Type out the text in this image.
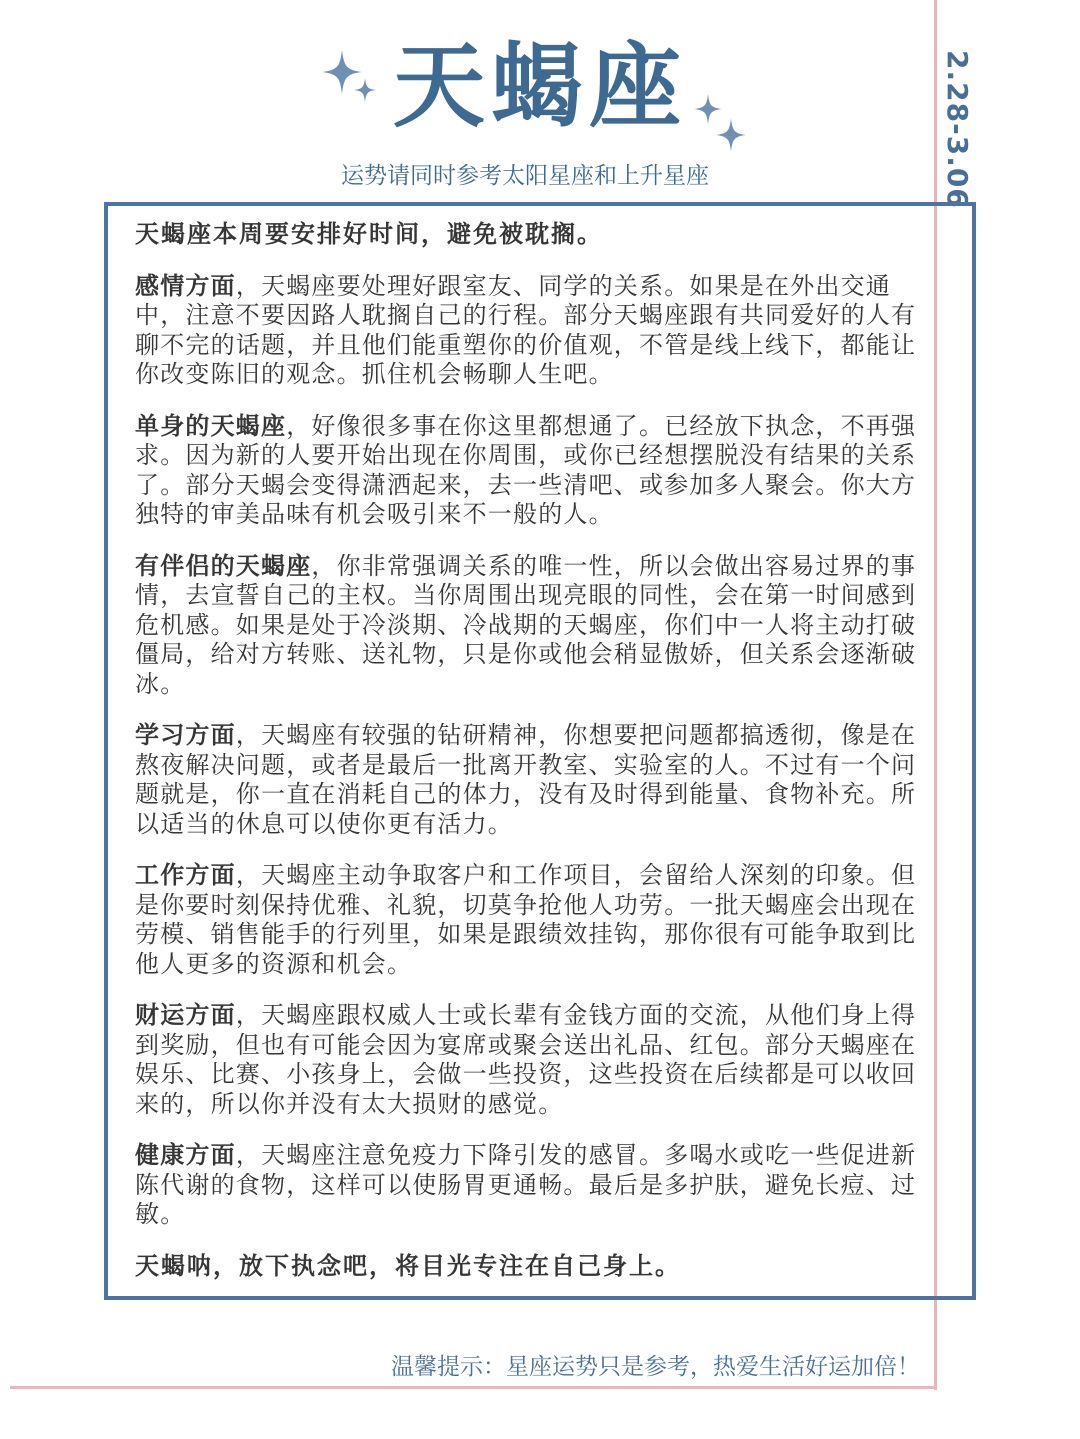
2.28-3.06
天蝎座
运势请同时参考太阳星座和上升星座

天蝎座本周要安排好时间，避免被耽搁。

感情方面，天蝎座要处理好跟室友、同学的关系。如果是在外出交通中，注意不要因路人耽搁自己的行程。部分天蝎座跟有共同爱好的人有聊不完的话题，并且他们能重塑你的价值观，不管是线上线下，都能让你改变陈旧的观念。抓住机会畅聊人生吧。

单身的天蝎座，好像很多事在你这里都想通了。已经放下执念，不再强求。因为新的人要开始出现在你周围，或你已经想摆脱没有结果的关系了。部分天蝎会变得潇洒起来，去一些清吧、或参加多人聚会。你大方独特的审美品味有机会吸引来不一般的人。

有伴侣的天蝎座，你非常强调关系的唯一性，所以会做出容易过界的事情，去宣誓自己的主权。当你周围出现亮眼的同性，会在第一时间感到危机感。如果是处于冷淡期、冷战期的天蝎座，你们中一人将主动打破僵局，给对方转账、送礼物，只是你或他会稍显傲娇，但关系会逐渐破冰。

学习方面，天蝎座有较强的钻研精神，你想要把问题都搞透彻，像是在熬夜解决问题，或者是最后一批离开教室、实验室的人。不过有一个问题就是，你一直在消耗自己的体力，没有及时得到能量、食物补充。所以适当的休息可以使你更有活力。

工作方面，天蝎座主动争取客户和工作项目，会留给人深刻的印象。但是你要时刻保持优雅、礼貌，切莫争抢他人功劳。一批天蝎座会出现在劳模、销售能手的行列里，如果是跟绩效挂钩，那你很有可能争取到比他人更多的资源和机会。

财运方面，天蝎座跟权威人士或长辈有金钱方面的交流，从他们身上得到奖励，但也有可能会因为宴席或聚会送出礼品、红包。部分天蝎座在娱乐、比赛、小孩身上，会做一些投资，这些投资在后续都是可以收回来的，所以你并没有太大损财的感觉。

健康方面，天蝎座注意免疫力下降引发的感冒。多喝水或吃一些促进新陈代谢的食物，这样可以使肠胃更通畅。最后是多护肤，避免长痘、过敏。

天蝎呐，放下执念吧，将目光专注在自己身上。

温馨提示：星座运势只是参考，热爱生活好运加倍！
